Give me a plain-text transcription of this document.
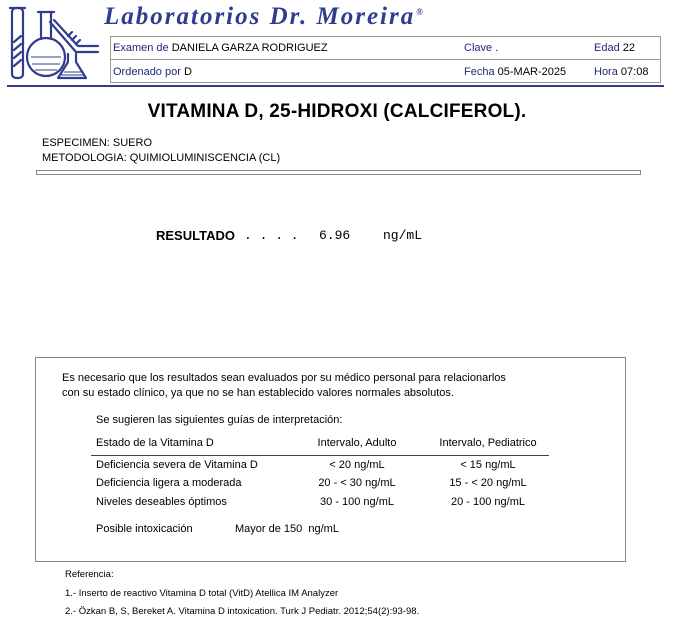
Laboratorios Dr. Moreira®
Examen de DANIELA GARZA RODRIGUEZ	Clave .	Edad 22
Ordenado por D	Fecha 05-MAR-2025	Hora 07:08
VITAMINA D, 25-HIDROXI (CALCIFEROL).
ESPECIMEN: SUERO
METODOLOGIA: QUIMIOLUMINISCENCIA (CL)
RESULTADO . . . . 6.96	ng/mL
Es necesario que los resultados sean evaluados por su médico personal para relacionarlos
con su estado clínico, ya que no se han establecido valores normales absolutos.
Se sugieren las siguientes guías de interpretación:
Estado de la Vitamina D	Intervalo, Adulto	Intervalo, Pediatrico
Deficiencia severa de Vitamina D	< 20 ng/mL	< 15 ng/mL
Deficiencia ligera a moderada	20 - < 30 ng/mL	15 - < 20 ng/mL
Niveles deseables óptimos	30 - 100 ng/mL	20 - 100 ng/mL
Posible intoxicación	Mayor de 150  ng/mL
Referencia:
1.- Inserto de reactivo Vitamina D total (VitD) Atellica IM Analyzer
2.- Özkan B, S, Bereket A. Vitamina D intoxication. Turk J Pediatr. 2012;54(2):93-98.
